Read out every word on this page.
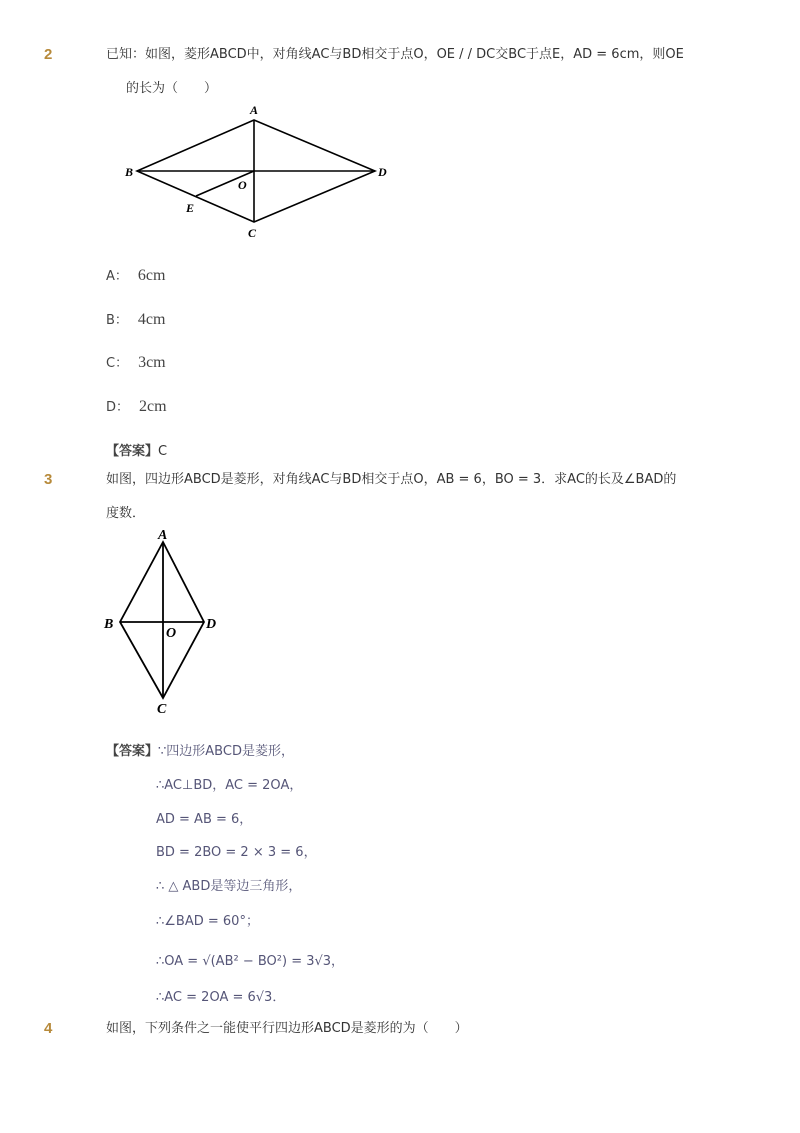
2	已知：如图，菱形ABCD中，对角线AC与BD相交于点O，OE / / DC交BC于点E，AD = 6cm，则OE
的长为（　　）
A
B	D
O
E
C
A： 6cm
B： 4cm
C： 3cm
D： 2cm
【答案】C
3	如图，四边形ABCD是菱形，对角线AC与BD相交于点O，AB = 6，BO = 3．求AC的长及∠BAD的
度数．
A
B	D
O
C
【答案】∵四边形ABCD是菱形，
∴AC⊥BD，AC = 2OA，
AD = AB = 6，
BD = 2BO = 2 × 3 = 6，
∴ △ ABD是等边三角形，
∴∠BAD = 60°；
∴OA = √(AB² − BO²) = 3√3，
∴AC = 2OA = 6√3．
4	如图，下列条件之一能使平行四边形ABCD是菱形的为（　　）
